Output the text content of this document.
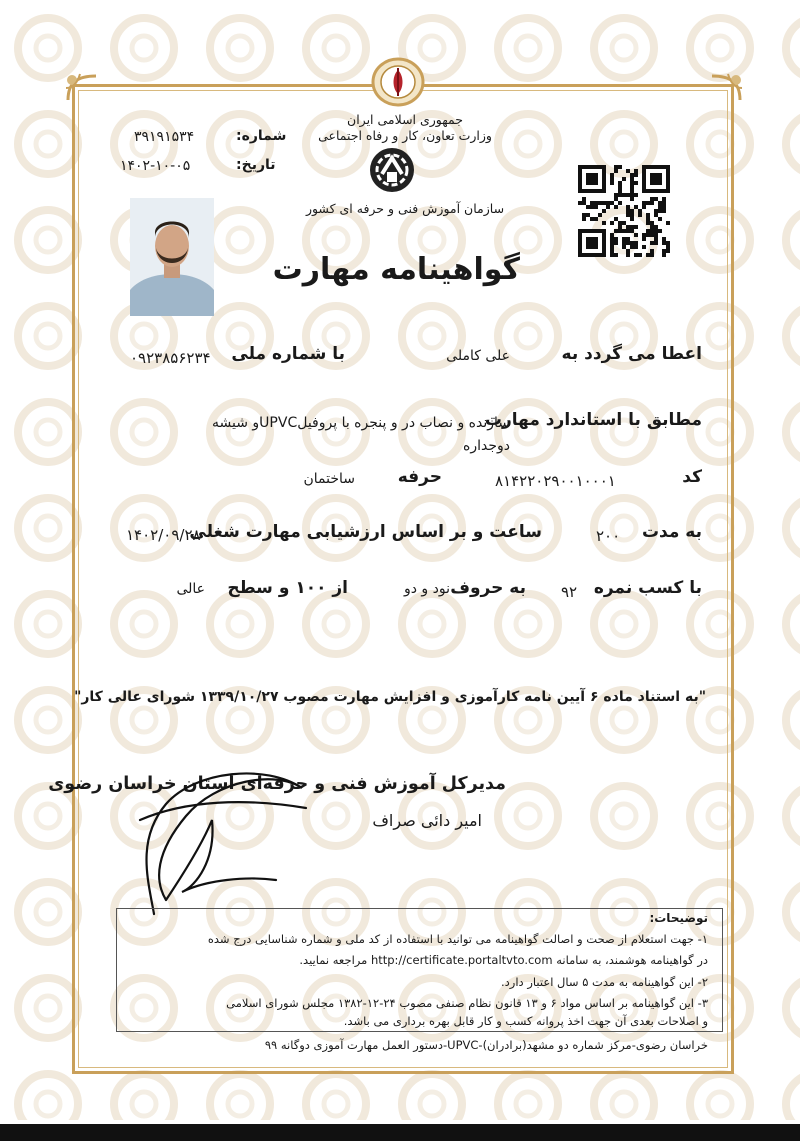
جمهوری اسلامی ایران
وزارت تعاون، کار و رفاه اجتماعی
سازمان آموزش فنی و حرفه ای کشور
شماره:
۳۹۱۹۱۵۳۴
تاریخ:
۱۴۰۲-۱۰-۰۵
گواهینامه مهارت
اعطا می گردد به
علی کاملی
با شماره ملی
۰۹۲۳۸۵۶۲۳۴
مطابق با استاندارد مهارت
سازنده و نصاب در و پنجره با پروفیلUPVCو شیشه
دوجداره
کد
۸۱۴۲۲۰۲۹۰۰۱۰۰۰۱
حرفه
ساختمان
به مدت
۲۰۰
ساعت و بر اساس ارزشیابی مهارت شغلی
۱۴۰۲/۰۹/۲۸
با کسب نمره
۹۲
به حروف
نود و دو
از ۱۰۰ و سطح
عالی
"به استناد ماده ۶ آیین نامه کارآموزی و افزایش مهارت مصوب ۱۳۳۹/۱۰/۲۷ شورای عالی کار"
مدیرکل آموزش فنی و حرفه‌ای استان خراسان رضوی
امیر دائی صراف
توضیحات:
۱- جهت استعلام از صحت و اصالت گواهینامه می توانید با استفاده از کد ملی و شماره شناسایی درج شده
در گواهینامه هوشمند، به سامانه http://certificate.portaltvto.com مراجعه نمایید.
۲- این گواهینامه به مدت ۵ سال اعتبار دارد.
۳- این گواهینامه بر اساس مواد ۶ و ۱۳ قانون نظام صنفی مصوب ۲۴-۱۲-۱۳۸۲ مجلس شورای اسلامی
و اصلاحات بعدی آن جهت اخذ پروانه کسب و کار قابل بهره برداری می باشد.
خراسان رضوی-مرکز شماره دو مشهد(برادران)-UPVC-دستور العمل مهارت آموزی دوگانه ۹۹
